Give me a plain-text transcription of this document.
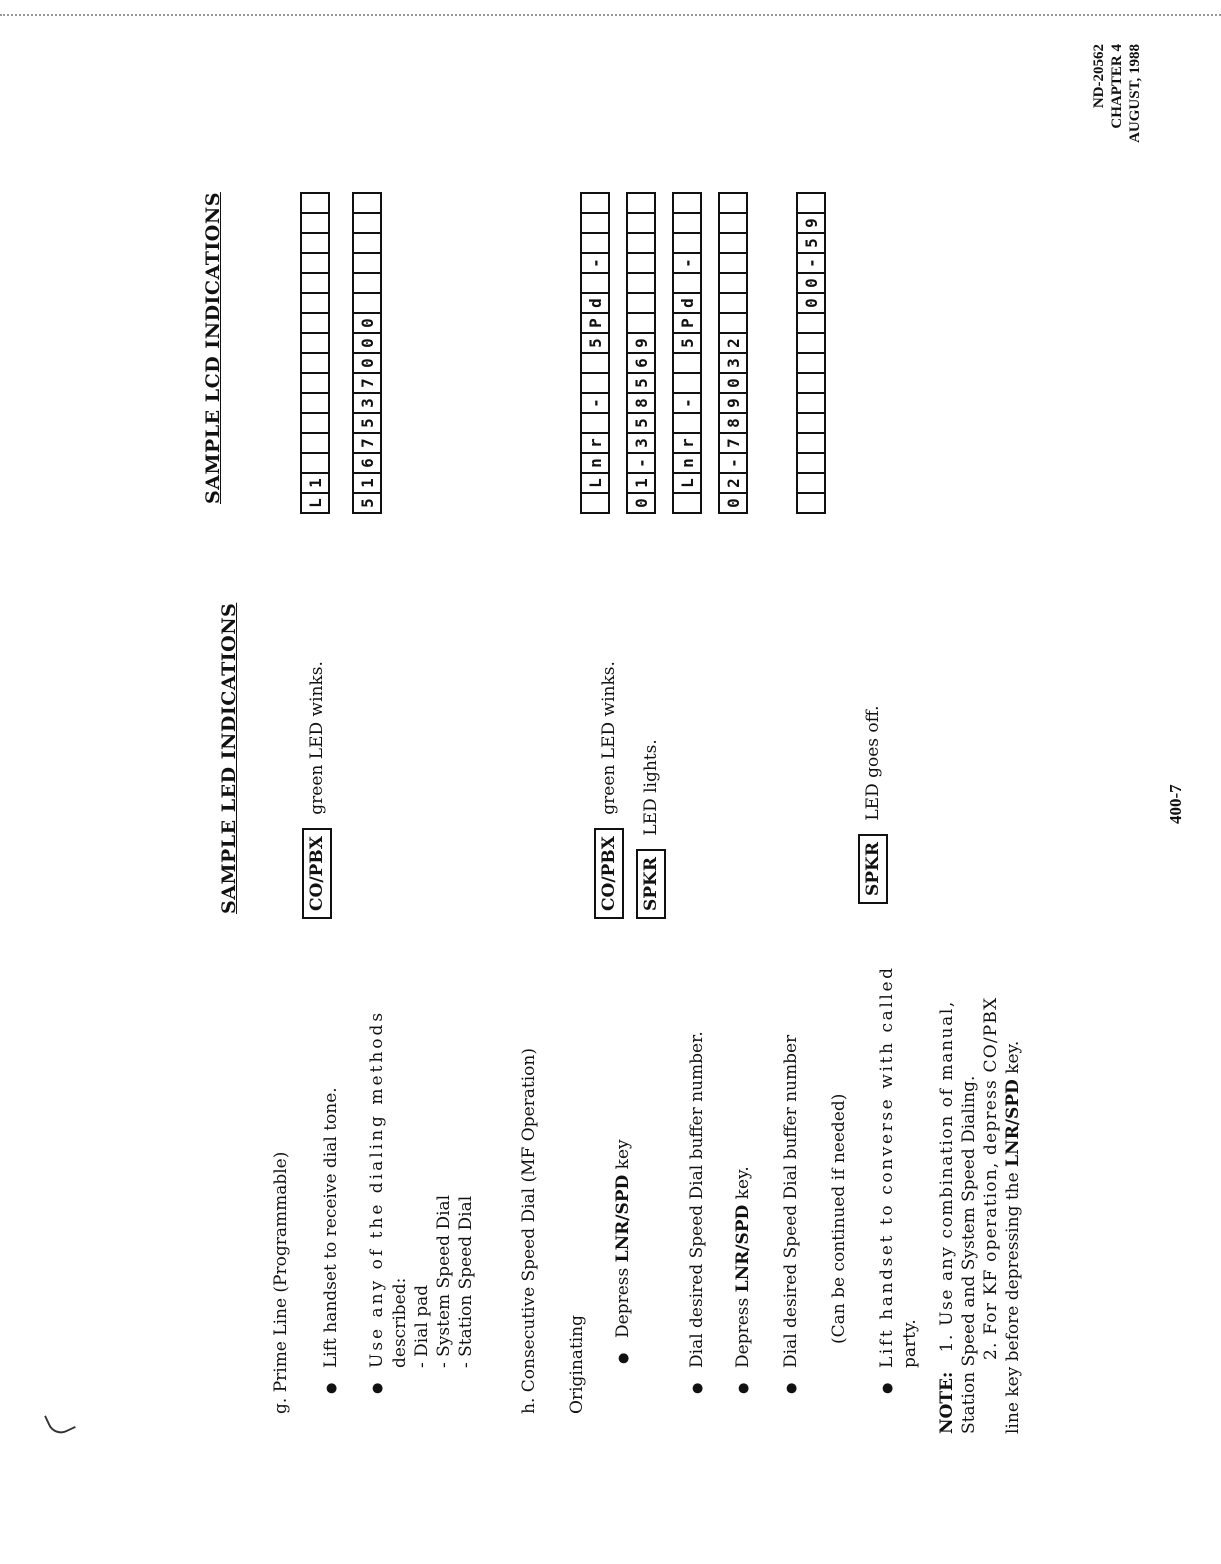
ND-20562 CHAPTER 4 AUGUST, 1988
SAMPLE LED INDICATIONS
SAMPLE LCD INDICATIONS
g. Prime Line (Programmable) ● Lift handset to receive dial tone. ● Use any of the dialing methods described: - Dial pad - System Speed Dial - Station Speed Dial
CO/PBX green LED winks.
L
1
5
1
6
7
5
3
7
0
0
0
h. Consecutive Speed Dial (MF Operation) Originating
● Depress LNR/SPD key	● Dial desired Speed Dial buffer number. ● Depress LNR/SPD key. ● Dial desired Speed Dial buffer number (Can be continued if needed) ● Lift handset to converse with called party.
CO/PBX green LED winks.
SPKR LED lights.
SPKR LED goes off.
L
n
r
-
5
P
d
-
0
1
-
3
5
8
5
6
9
L
n
r
-
5
P
d
-
0
2
-
7
8
9
0
3
2
0
0
-
5
9
NOTE: 1. Use any combination of manual, Station Speed and System Speed Dialing. 2. For KF operation, depress CO/PBX line key before depressing the LNR/SPD key.
400-7
